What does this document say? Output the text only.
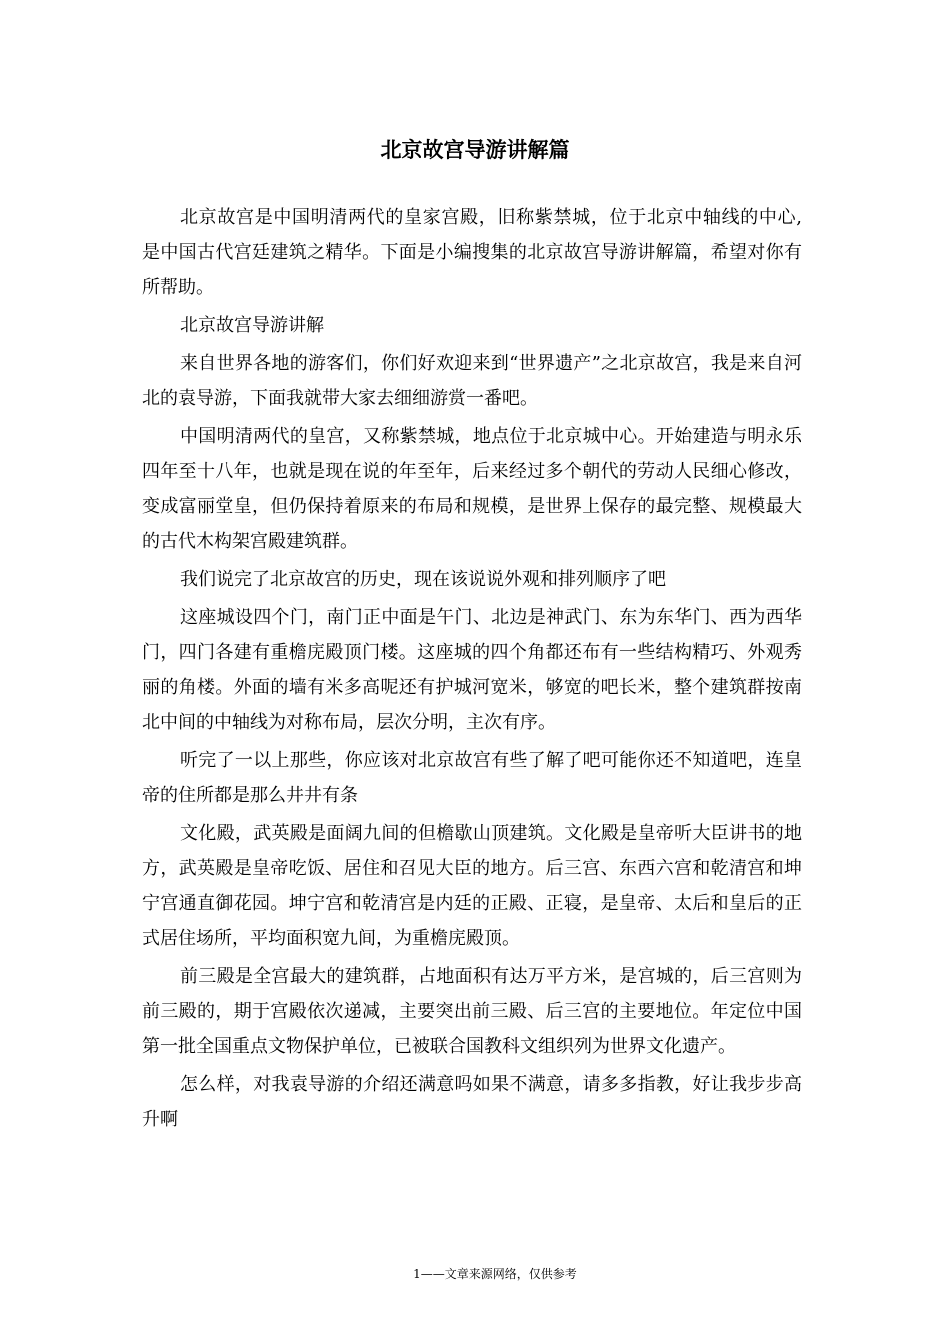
北京故宫导游讲解篇

北京故宫是中国明清两代的皇家宫殿，旧称紫禁城，位于北京中轴线的中心, 是中国古代宫廷建筑之精华。下面是小编搜集的北京故宫导游讲解篇，希望对你有所帮助。

北京故宫导游讲解

来自世界各地的游客们，你们好欢迎来到“世界遗产”之北京故宫，我是来自河北的袁导游，下面我就带大家去细细游赏一番吧。

中国明清两代的皇宫，又称紫禁城，地点位于北京城中心。开始建造与明永乐四年至十八年，也就是现在说的年至年，后来经过多个朝代的劳动人民细心修改，变成富丽堂皇，但仍保持着原来的布局和规模，是世界上保存的最完整、规模最大的古代木构架宫殿建筑群。

我们说完了北京故宫的历史，现在该说说外观和排列顺序了吧

这座城设四个门，南门正中面是午门、北边是神武门、东为东华门、西为西华门，四门各建有重檐庑殿顶门楼。这座城的四个角都还布有一些结构精巧、外观秀丽的角楼。外面的墙有米多高呢还有护城河宽米，够宽的吧长米，整个建筑群按南北中间的中轴线为对称布局，层次分明，主次有序。

听完了一以上那些，你应该对北京故宫有些了解了吧可能你还不知道吧，连皇帝的住所都是那么井井有条

文化殿，武英殿是面阔九间的但檐歇山顶建筑。文化殿是皇帝听大臣讲书的地方，武英殿是皇帝吃饭、居住和召见大臣的地方。后三宫、东西六宫和乾清宫和坤宁宫通直御花园。坤宁宫和乾清宫是内廷的正殿、正寝，是皇帝、太后和皇后的正式居住场所，平均面积宽九间，为重檐庑殿顶。

前三殿是全宫最大的建筑群，占地面积有达万平方米，是宫城的，后三宫则为前三殿的，期于宫殿依次递减，主要突出前三殿、后三宫的主要地位。年定位中国第一批全国重点文物保护单位，已被联合国教科文组织列为世界文化遗产。

怎么样，对我袁导游的介绍还满意吗如果不满意，请多多指教，好让我步步高升啊

1——文章来源网络，仅供参考
